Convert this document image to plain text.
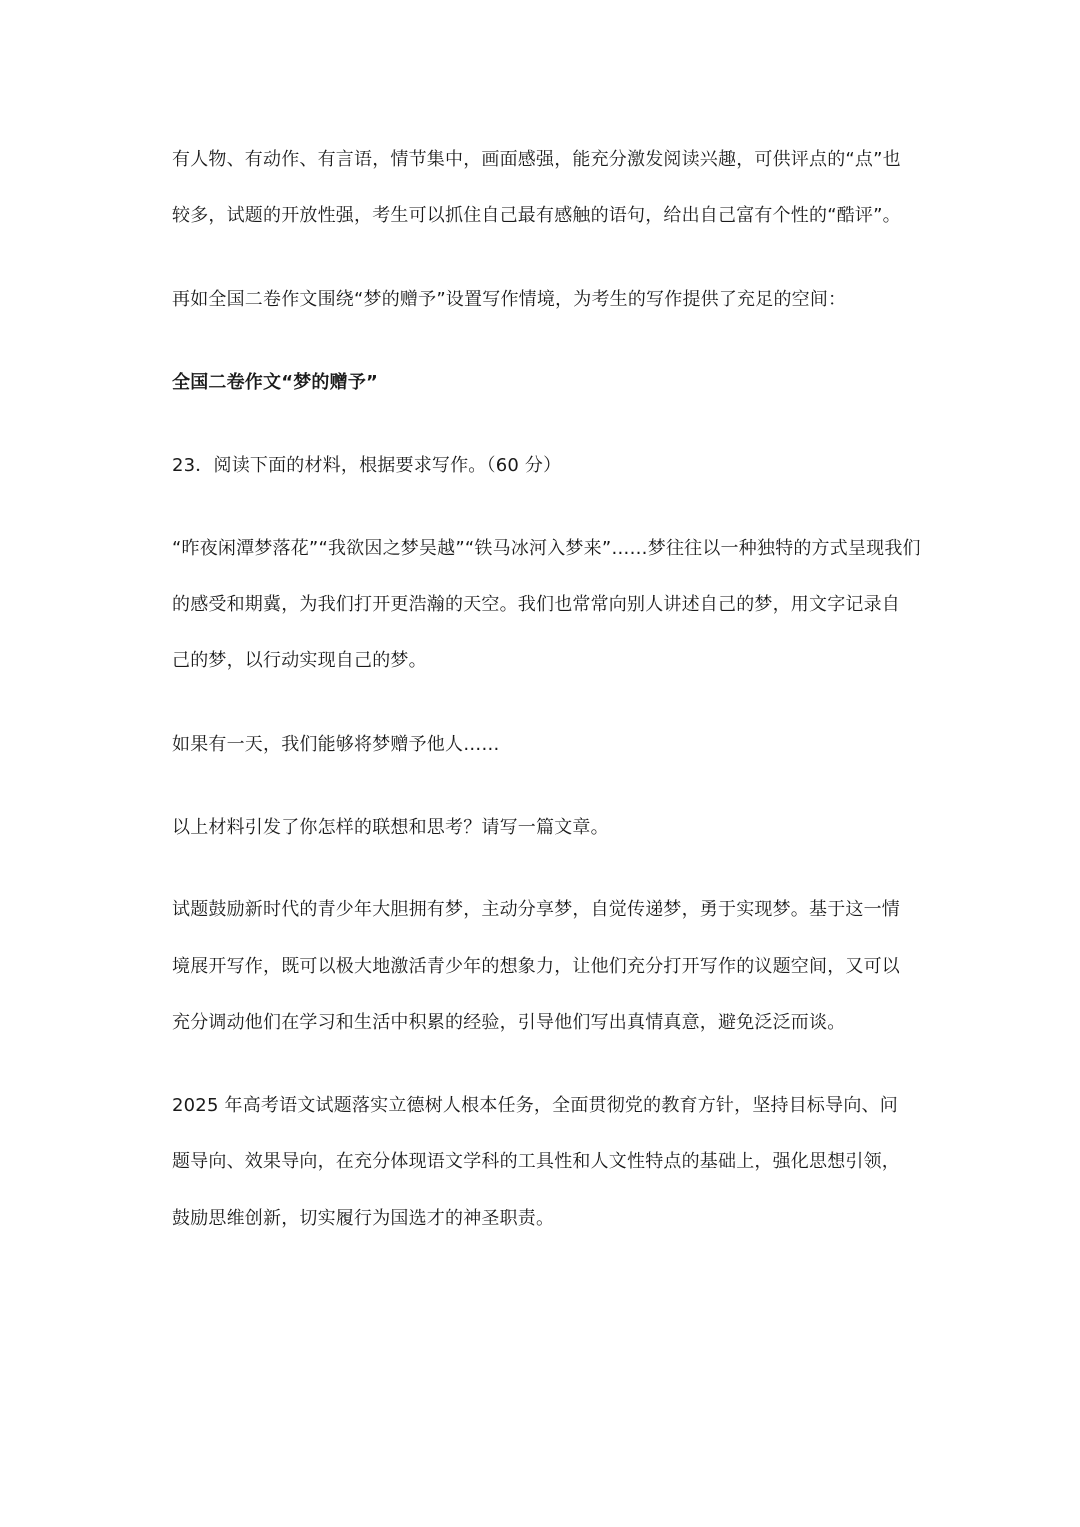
有人物、有动作、有言语，情节集中，画面感强，能充分激发阅读兴趣，可供评点的“点”也
较多，试题的开放性强，考生可以抓住自己最有感触的语句，给出自己富有个性的“酷评”。
再如全国二卷作文围绕“梦的赠予”设置写作情境，为考生的写作提供了充足的空间：
全国二卷作文“梦的赠予”
23．阅读下面的材料，根据要求写作。（60 分）
“昨夜闲潭梦落花”“我欲因之梦吴越”“铁马冰河入梦来”……梦往往以一种独特的方式呈现我们
的感受和期冀，为我们打开更浩瀚的天空。我们也常常向别人讲述自己的梦，用文字记录自
己的梦，以行动实现自己的梦。
如果有一天，我们能够将梦赠予他人……
以上材料引发了你怎样的联想和思考？请写一篇文章。
试题鼓励新时代的青少年大胆拥有梦，主动分享梦，自觉传递梦，勇于实现梦。基于这一情
境展开写作，既可以极大地激活青少年的想象力，让他们充分打开写作的议题空间，又可以
充分调动他们在学习和生活中积累的经验，引导他们写出真情真意，避免泛泛而谈。
2025 年高考语文试题落实立德树人根本任务，全面贯彻党的教育方针，坚持目标导向、问
题导向、效果导向，在充分体现语文学科的工具性和人文性特点的基础上，强化思想引领，
鼓励思维创新，切实履行为国选才的神圣职责。
